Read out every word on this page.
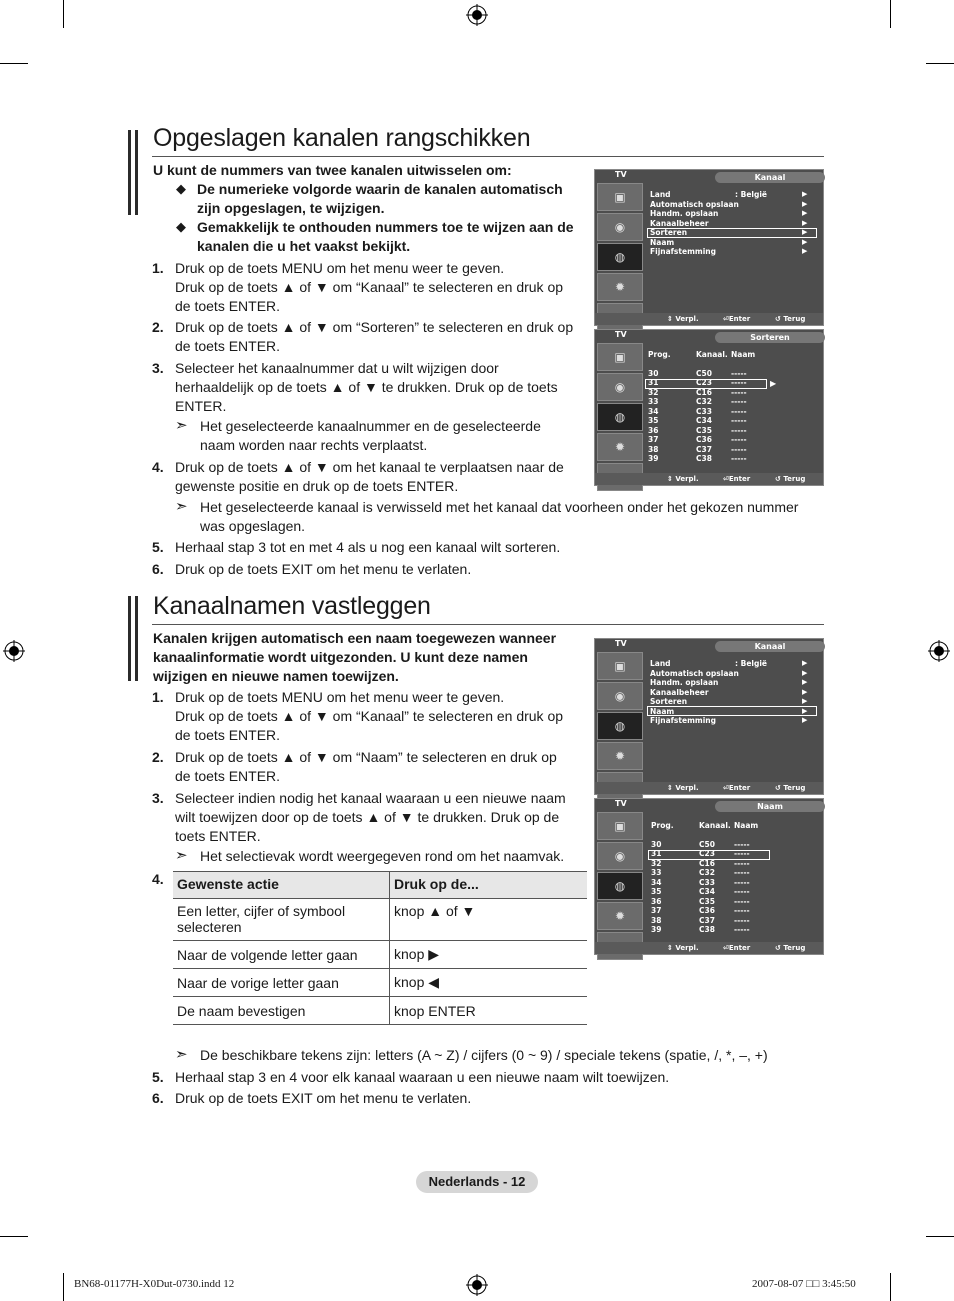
Opgeslagen kanalen rangschikken
U kunt de nummers van twee kanalen uitwisselen om:
◆ De numerieke volgorde waarin de kanalen automatisch zijn opgeslagen, te wijzigen.
◆ Gemakkelijk te onthouden nummers toe te wijzen aan de kanalen die u het vaakst bekijkt.
1. Druk op de toets MENU om het menu weer te geven.
Druk op de toets ▲ of ▼ om “Kanaal” te selecteren en druk op de toets ENTER.
2. Druk op de toets ▲ of ▼ om “Sorteren” te selecteren en druk op de toets ENTER.
3. Selecteer het kanaalnummer dat u wilt wijzigen door herhaaldelijk op de toets ▲ of ▼ te drukken. Druk op de toets ENTER.
➣ Het geselecteerde kanaalnummer en de geselecteerde naam worden naar rechts verplaatst.
4. Druk op de toets ▲ of ▼ om het kanaal te verplaatsen naar de gewenste positie en druk op de toets ENTER.
➣ Het geselecteerde kanaal is verwisseld met het kanaal dat voorheen onder het gekozen nummer was opgeslagen.
5. Herhaal stap 3 tot en met 4 als u nog een kanaal wilt sorteren.
6. Druk op de toets EXIT om het menu te verlaten.
TV	Kanaal
▣
◉
◍
✹
Land	: België	▶
Automatisch opslaan	▶
Handm. opslaan	▶
Kanaalbeheer	▶
Sorteren	▶
Naam	▶
Fijnafstemming	▶
⇕ Verpl.	⏎Enter	↺ Terug
TV	Sorteren
▣
◉
◍
✹
Prog.	Kanaal. Naam
30	C50	-----
31	C23	-----
32	C16	-----
33	C32	-----
34	C33	-----
35	C34	-----
36	C35	-----
37	C36	-----
38	C37	-----
39	C38	-----
▶
⇕ Verpl.	⏎Enter	↺ Terug
Kanaalnamen vastleggen
Kanalen krijgen automatisch een naam toegewezen wanneer kanaalinformatie wordt uitgezonden. U kunt deze namen wijzigen en nieuwe namen toewijzen.
1. Druk op de toets MENU om het menu weer te geven.
Druk op de toets ▲ of ▼ om “Kanaal” te selecteren en druk op de toets ENTER.
2. Druk op de toets ▲ of ▼ om “Naam” te selecteren en druk op de toets ENTER.
3. Selecteer indien nodig het kanaal waaraan u een nieuwe naam wilt toewijzen door op de toets ▲ of ▼ te drukken. Druk op de toets ENTER.
➣ Het selectievak wordt weergegeven rond om het naamvak.
4. Gewenste actie	Druk op de...
Een letter, cijfer of symbool selecteren	knop ▲ of ▼
Naar de volgende letter gaan	knop ▶
Naar de vorige letter gaan	knop ◀
De naam bevestigen	knop ENTER
➣ De beschikbare tekens zijn: letters (A ~ Z) / cijfers (0 ~ 9) / speciale tekens (spatie, /, *, –, +)
5. Herhaal stap 3 en 4 voor elk kanaal waaraan u een nieuwe naam wilt toewijzen.
6. Druk op de toets EXIT om het menu te verlaten.
TV	Kanaal
▣
◉
◍
✹
Land	: België	▶
Automatisch opslaan	▶
Handm. opslaan	▶
Kanaalbeheer	▶
Sorteren	▶
Naam	▶
Fijnafstemming	▶
⇕ Verpl.	⏎Enter	↺ Terug
TV	Naam
▣
◉
◍
✹
Prog.	Kanaal. Naam
30	C50	-----
31	C23	-----
32	C16	-----
33	C32	-----
34	C33	-----
35	C34	-----
36	C35	-----
37	C36	-----
38	C37	-----
39	C38	-----
⇕ Verpl.	⏎Enter	↺ Terug
Nederlands - 12
BN68-01177H-X0Dut-0730.indd 12	2007-08-07 □□ 3:45:50
